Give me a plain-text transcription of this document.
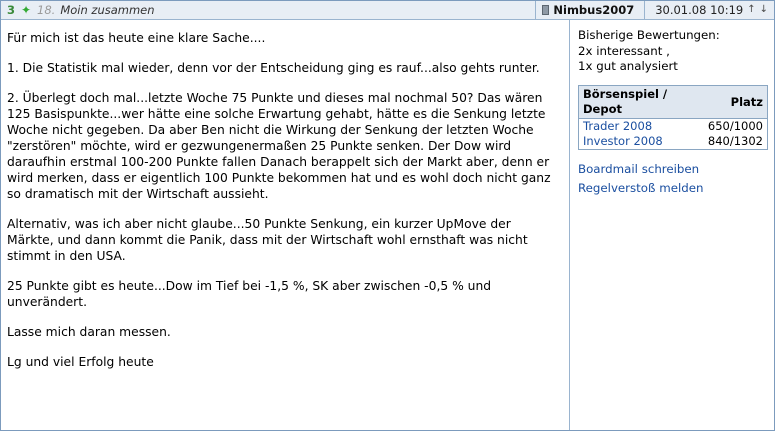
3 ✦ 18. Moin zusammen	Nimbus2007 30.01.08 10:19 ↑ ↓

Für mich ist das heute eine klare Sache....

1. Die Statistik mal wieder, denn vor der Entscheidung ging es rauf...also gehts runter.

2. Überlegt doch mal...letzte Woche 75 Punkte und dieses mal nochmal 50? Das wären 125 Basispunkte...wer hätte eine solche Erwartung gehabt, hätte es die Senkung letzte Woche nicht gegeben. Da aber Ben nicht die Wirkung der Senkung der letzten Woche "zerstören" möchte, wird er gezwungenermaßen 25 Punkte senken. Der Dow wird daraufhin erstmal 100-200 Punkte fallen Danach berappelt sich der Markt aber, denn er wird merken, dass er eigentlich 100 Punkte bekommen hat und es wohl doch nicht ganz so dramatisch mit der Wirtschaft aussieht.

Alternativ, was ich aber nicht glaube...50 Punkte Senkung, ein kurzer UpMove der Märkte, und dann kommt die Panik, dass mit der Wirtschaft wohl ernsthaft was nicht stimmt in den USA.

25 Punkte gibt es heute...Dow im Tief bei -1,5 %, SK aber zwischen -0,5 % und unverändert.

Lasse mich daran messen.

Lg und viel Erfolg heute

Bisherige Bewertungen:
2x interessant ,
1x gut analysiert
Börsenspiel / Depot	Platz
Trader 2008	650/1000
Investor 2008	840/1302
Boardmail schreiben
Regelverstoß melden
